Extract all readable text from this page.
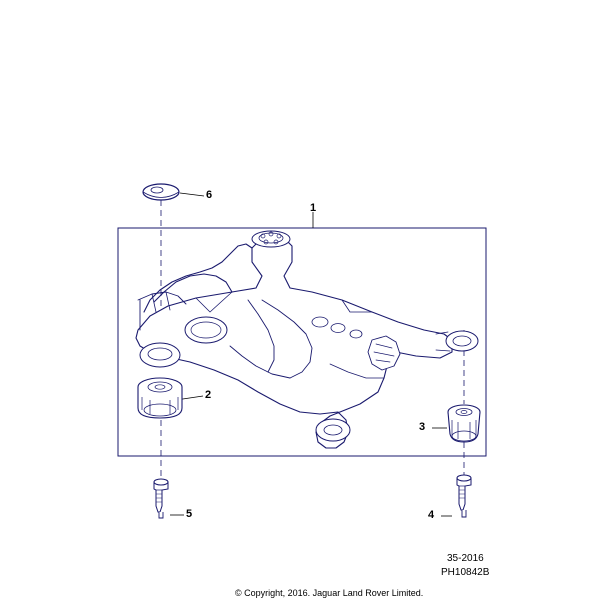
1
2
3
4
5
6
35-2016
PH10842B
© Copyright, 2016. Jaguar Land Rover Limited.
